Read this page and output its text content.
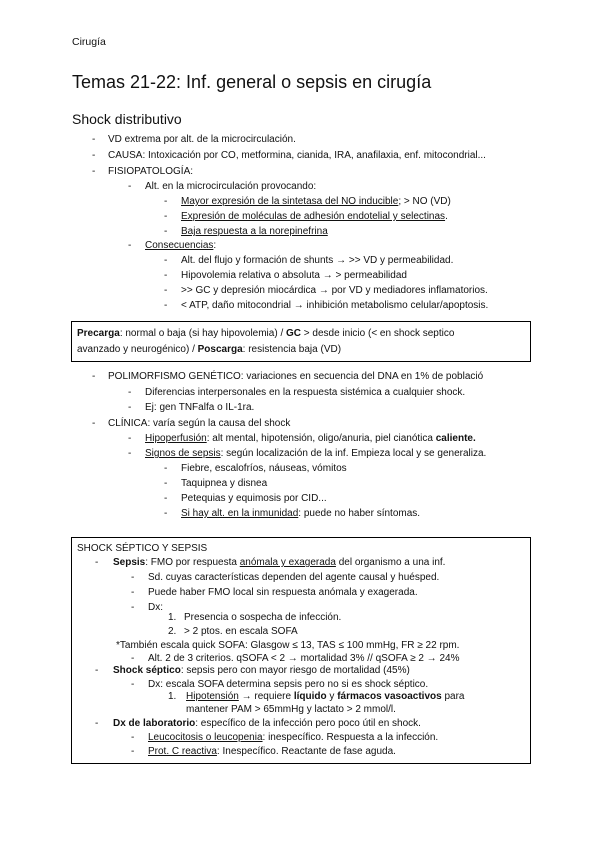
Cirugía
Temas 21-22: Inf. general o sepsis en cirugía
Shock distributivo
- VD extrema por alt. de la microcirculación.
- CAUSA: Intoxicación por CO, metformina, cianida, IRA, anafilaxia, enf. mitocondrial...
- FISIOPATOLOGÍA:
- Alt. en la microcirculación provocando:
- Mayor expresión de la sintetasa del NO inducible; > NO (VD)
- Expresión de moléculas de adhesión endotelial y selectinas.
- Baja respuesta a la norepinefrina
- Consecuencias:
- Alt. del flujo y formación de shunts → >> VD y permeabilidad.
- Hipovolemia relativa o absoluta → > permeabilidad
- >> GC y depresión miocárdica → por VD y mediadores inflamatorios.
- < ATP, daño mitocondrial → inhibición metabolismo celular/apoptosis.
Precarga: normal o baja (si hay hipovolemia) / GC > desde inicio (< en shock septico
avanzado y neurogénico) / Poscarga: resistencia baja (VD)
- POLIMORFISMO GENÉTICO: variaciones en secuencia del DNA en 1% de població
- Diferencias interpersonales en la respuesta sistémica a cualquier shock.
- Ej: gen TNFalfa o IL-1ra.
- CLÍNICA: varía según la causa del shock
- Hipoperfusión: alt mental, hipotensión, oligo/anuria, piel cianótica caliente.
- Signos de sepsis: según localización de la inf. Empieza local y se generaliza.
- Fiebre, escalofríos, náuseas, vómitos
- Taquipnea y disnea
- Petequias y equimosis por CID...
- Si hay alt. en la inmunidad: puede no haber síntomas.
SHOCK SÉPTICO Y SEPSIS
- Sepsis: FMO por respuesta anómala y exagerada del organismo a una inf.
- Sd. cuyas características dependen del agente causal y huésped.
- Puede haber FMO local sin respuesta anómala y exagerada.
- Dx:
1. Presencia o sospecha de infección.
2. > 2 ptos. en escala SOFA
*También escala quick SOFA: Glasgow ≤ 13, TAS ≤ 100 mmHg, FR ≥ 22 rpm.
- Alt. 2 de 3 criterios. qSOFA < 2 → mortalidad 3% // qSOFA ≥ 2 → 24%
- Shock séptico: sepsis pero con mayor riesgo de mortalidad (45%)
- Dx: escala SOFA determina sepsis pero no si es shock séptico.
1. Hipotensión → requiere líquido y fármacos vasoactivos para
mantener PAM > 65mmHg y lactato > 2 mmol/l.
- Dx de laboratorio: específico de la infección pero poco útil en shock.
- Leucocitosis o leucopenia: inespecífico. Respuesta a la infección.
- Prot. C reactiva: Inespecífico. Reactante de fase aguda.
